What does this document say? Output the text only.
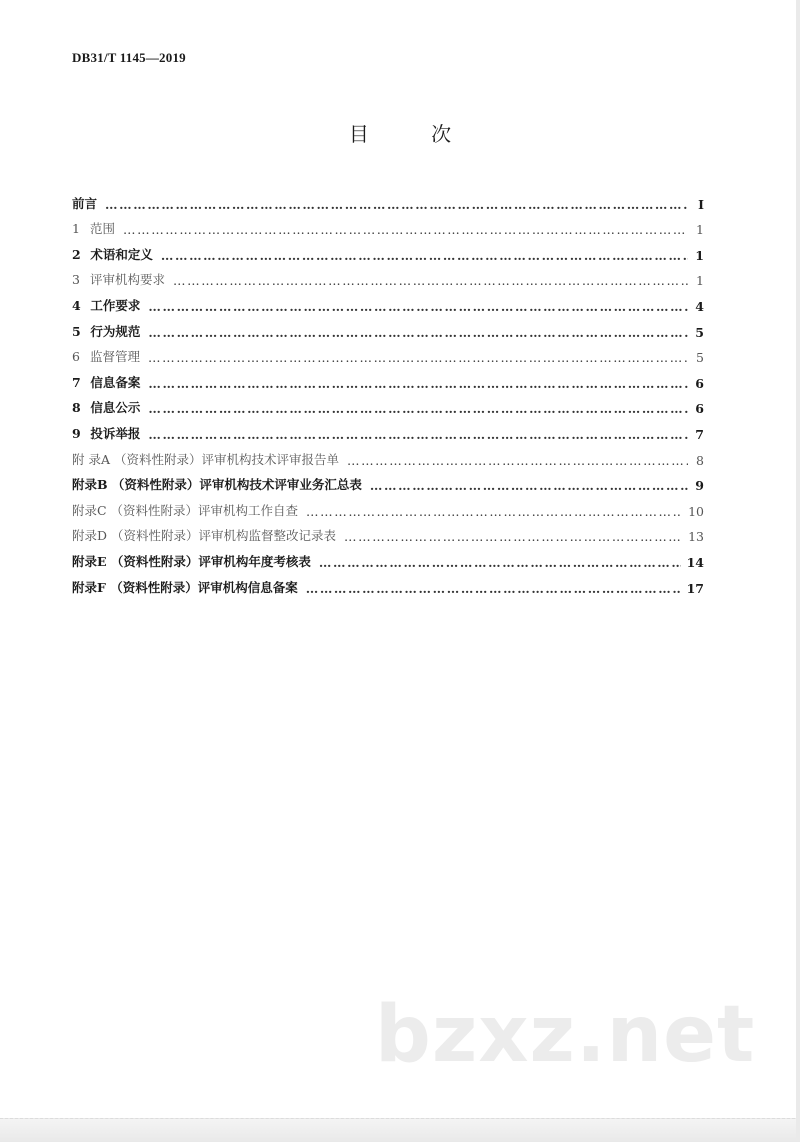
DB31/T 1145—2019
目 次
前言 ……………………………………………………………………………………………………………………………………………………………………………………………………………………………………	I
1 范围 ……………………………………………………………………………………………………………………………………………………………………………………………………………………………………	1
2 术语和定义 ……………………………………………………………………………………………………………………………………………………………………………………………………………………………………	1
3 评审机构要求 ……………………………………………………………………………………………………………………………………………………………………………………………………………………………………	1
4 工作要求 ……………………………………………………………………………………………………………………………………………………………………………………………………………………………………	4
5 行为规范 ……………………………………………………………………………………………………………………………………………………………………………………………………………………………………	5
6 监督管理 ……………………………………………………………………………………………………………………………………………………………………………………………………………………………………	5
7 信息备案 ……………………………………………………………………………………………………………………………………………………………………………………………………………………………………	6
8 信息公示 ……………………………………………………………………………………………………………………………………………………………………………………………………………………………………	6
9 投诉举报 ……………………………………………………………………………………………………………………………………………………………………………………………………………………………………	7
附 录A （资料性附录）评审机构技术评审报告单 ……………………………………………………………………………………………………………………………………………………………………………………………………………………………………	8
附录B （资料性附录）评审机构技术评审业务汇总表 ……………………………………………………………………………………………………………………………………………………………………………………………………………………………………	9
附录C （资料性附录）评审机构工作自查 ……………………………………………………………………………………………………………………………………………………………………………………………………………………………………	10
附录D （资料性附录）评审机构监督整改记录表 ……………………………………………………………………………………………………………………………………………………………………………………………………………………………………	13
附录E （资料性附录）评审机构年度考核表 ……………………………………………………………………………………………………………………………………………………………………………………………………………………………………	14
附录F （资料性附录）评审机构信息备案 ……………………………………………………………………………………………………………………………………………………………………………………………………………………………………	17
bzxz.net
